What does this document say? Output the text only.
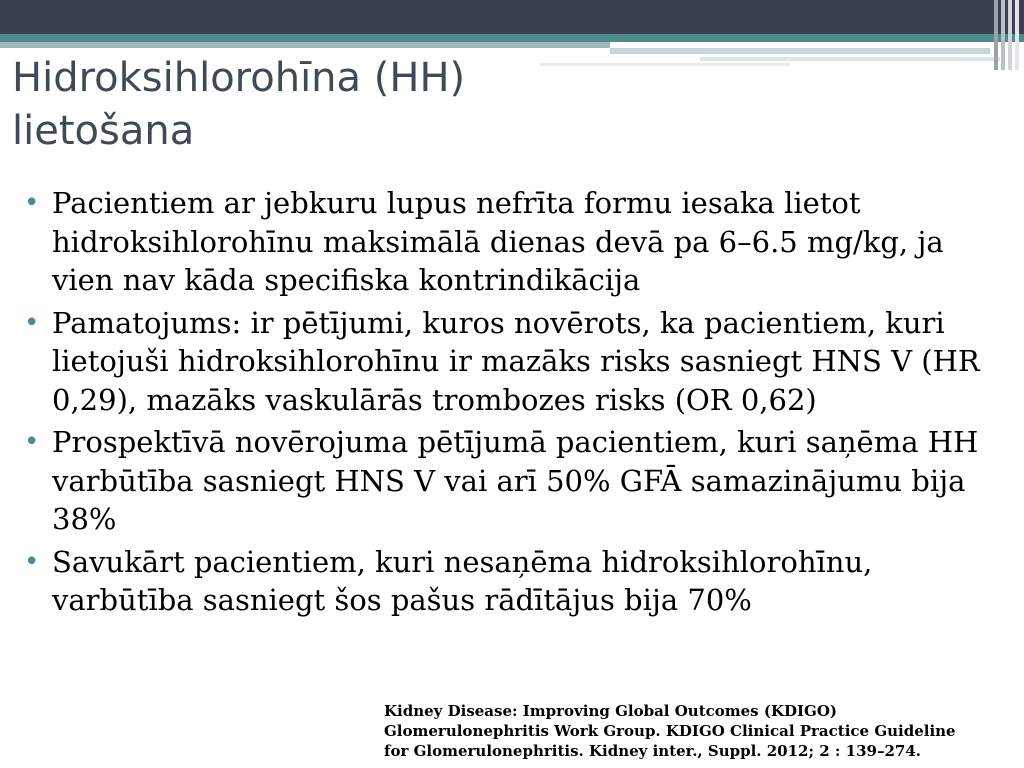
Hidroksihlorohīna (HH)
lietošana
• Pacientiem ar jebkuru lupus nefrīta formu iesaka lietot hidroksihlorohīnu maksimālā dienas devā pa 6–6.5 mg/kg, ja vien nav kāda specifiska kontrindikācija
• Pamatojums: ir pētījumi, kuros novērots, ka pacientiem, kuri lietojuši hidroksihlorohīnu ir mazāks risks sasniegt HNS V (HR 0,29), mazāks vaskulārās trombozes risks (OR 0,62)
• Prospektīvā novērojuma pētījumā pacientiem, kuri saņēma HH varbūtība sasniegt HNS V vai arī 50% GFĀ samazinājumu bija 38%
• Savukārt pacientiem, kuri nesaņēma hidroksihlorohīnu, varbūtība sasniegt šos pašus rādītājus bija 70%
Kidney Disease: Improving Global Outcomes (KDIGO)
Glomerulonephritis Work Group. KDIGO Clinical Practice Guideline
for Glomerulonephritis. Kidney inter., Suppl. 2012; 2 : 139–274.
